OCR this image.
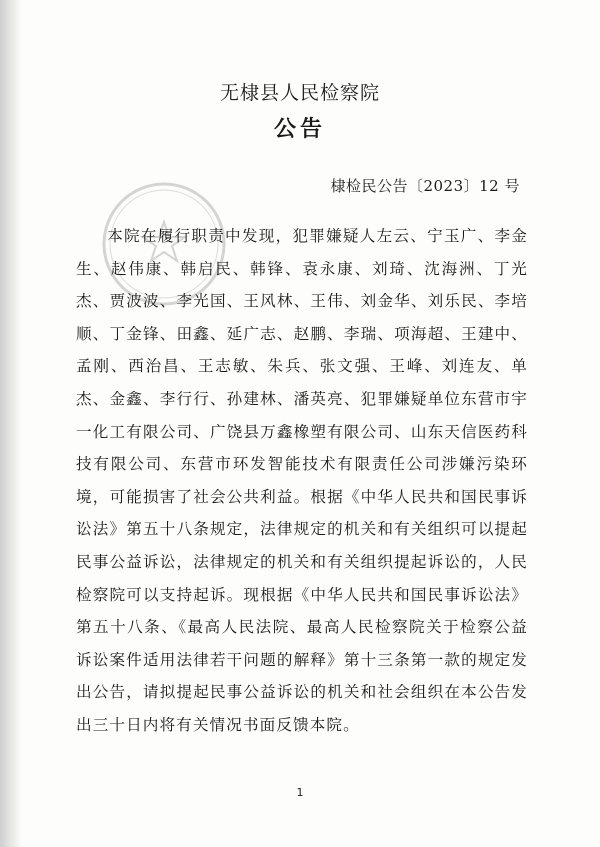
无棣县人民检察院
公告
棣检民公告〔2023〕12 号

本院在履行职责中发现，犯罪嫌疑人左云、宁玉广、李金生、赵伟康、韩启民、韩锋、袁永康、刘琦、沈海洲、丁光杰、贾波波、李光国、王风林、王伟、刘金华、刘乐民、李培顺、丁金锋、田鑫、延广志、赵鹏、李瑞、项海超、王建中、孟刚、西治昌、王志敏、朱兵、张文强、王峰、刘连友、单杰、金鑫、李行行、孙建林、潘英亮、犯罪嫌疑单位东营市宇一化工有限公司、广饶县万鑫橡塑有限公司、山东天信医药科技有限公司、东营市环发智能技术有限责任公司涉嫌污染环境，可能损害了社会公共利益。根据《中华人民共和国民事诉讼法》第五十八条规定，法律规定的机关和有关组织可以提起民事公益诉讼，法律规定的机关和有关组织提起诉讼的，人民检察院可以支持起诉。现根据《中华人民共和国民事诉讼法》第五十八条、《最高人民法院、最高人民检察院关于检察公益诉讼案件适用法律若干问题的解释》第十三条第一款的规定发出公告，请拟提起民事公益诉讼的机关和社会组织在本公告发出三十日内将有关情况书面反馈本院。

1
